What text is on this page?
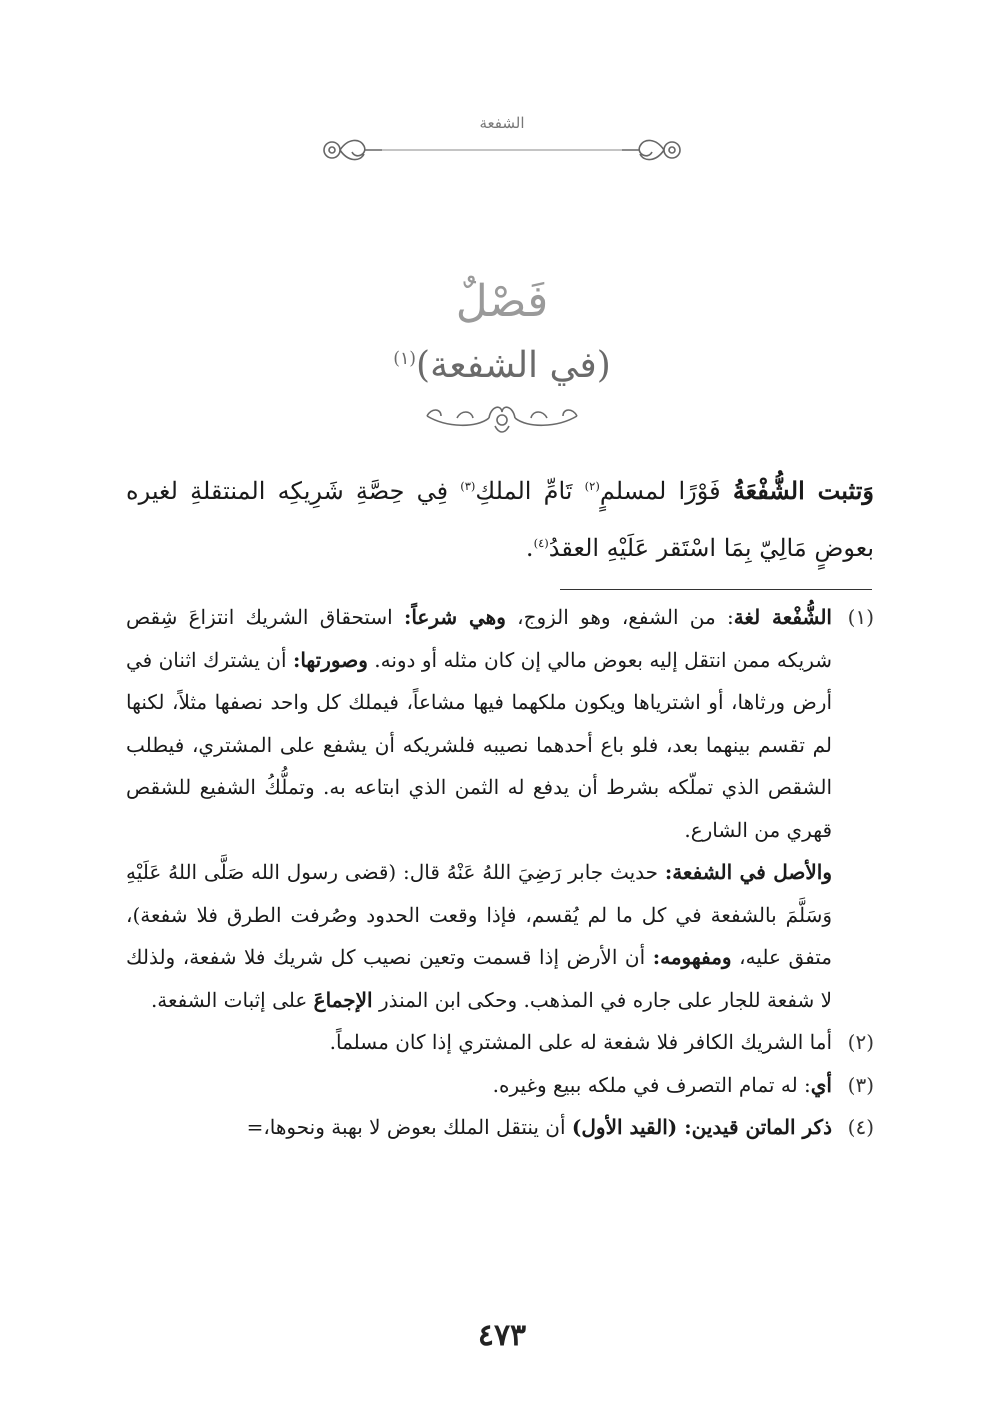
الشفعة
فَصْلٌ
(في الشفعة)$^{(١)}$
وَتثبت الشُّفْعَةُ فَوْرًا لمسلمٍ$^{(٢)}$ تَامِّ الملكِ$^{(٣)}$ فِي حِصَّةِ شَرِيكِه المنتقلةِ لغيره بعوضٍ مَالِيّ بِمَا اسْتَقر عَلَيْهِ العقدُ$^{(٤)}$.
(١)
الشُّفْعة لغة: من الشفع، وهو الزوج، وهي شرعاً: استحقاق الشريك انتزاعَ شِقص شريكه ممن انتقل إليه بعوض مالي إن كان مثله أو دونه. وصورتها: أن يشترك اثنان في أرض ورثاها، أو اشترياها ويكون ملكهما فيها مشاعاً، فيملك كل واحد نصفها مثلاً، لكنها لم تقسم بينهما بعد، فلو باع أحدهما نصيبه فلشريكه أن يشفع على المشتري، فيطلب الشقص الذي تملّكه بشرط أن يدفع له الثمن الذي ابتاعه به. وتملُّكُ الشفيع للشقص قهري من الشارع.
والأصل في الشفعة: حديث جابر رَضِيَ اللهُ عَنْهُ قال: (قضى رسول الله صَلَّى اللهُ عَلَيْهِ وَسَلَّمَ بالشفعة في كل ما لم يُقسم، فإذا وقعت الحدود وصُرفت الطرق فلا شفعة)، متفق عليه، ومفهومه: أن الأرض إذا قسمت وتعين نصيب كل شريك فلا شفعة، ولذلك لا شفعة للجار على جاره في المذهب. وحكى ابن المنذر الإجماعَ على إثبات الشفعة.
(٢)
أما الشريك الكافر فلا شفعة له على المشتري إذا كان مسلماً.
(٣)
أي: له تمام التصرف في ملكه ببيع وغيره.
(٤)
ذكر الماتن قيدين: (القيد الأول) أن ينتقل الملك بعوض لا بهبة ونحوها،=
٤٧٣
